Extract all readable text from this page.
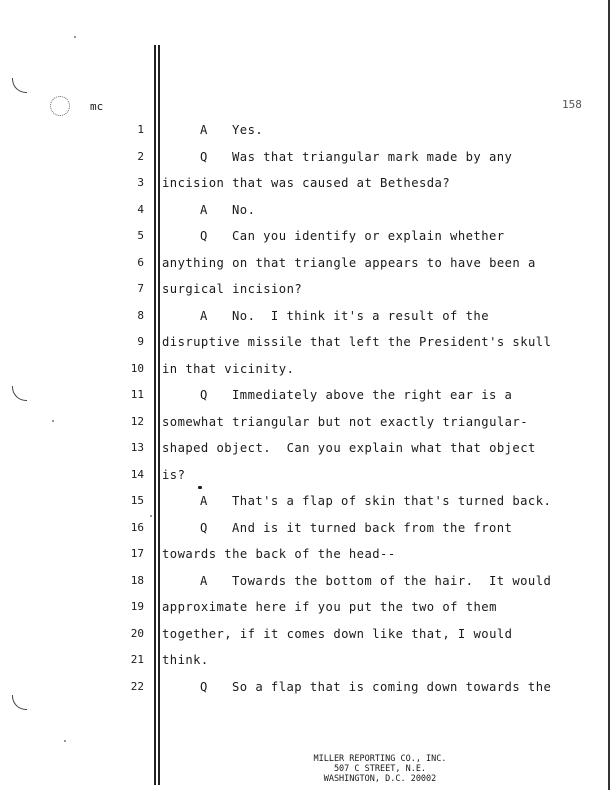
mc	158
1	A Yes.
2	Q Was that triangular mark made by any
3 incision that was caused at Bethesda?
4	A No.
5	Q Can you identify or explain whether
6 anything on that triangle appears to have been a
7 surgical incision?
8	A No.  I think it's a result of the
9 disruptive missile that left the President's skull
10 in that vicinity.
11	Q Immediately above the right ear is a
12 somewhat triangular but not exactly triangular-
13 shaped object.  Can you explain what that object
14 is?
15	A That's a flap of skin that's turned back.
16	Q And is it turned back from the front
17 towards the back of the head--
18	A Towards the bottom of the hair.  It would
19 approximate here if you put the two of them
20 together, if it comes down like that, I would
21 think.
22	Q So a flap that is coming down towards the
MILLER REPORTING CO., INC.
507 C STREET, N.E.
WASHINGTON, D.C. 20002
